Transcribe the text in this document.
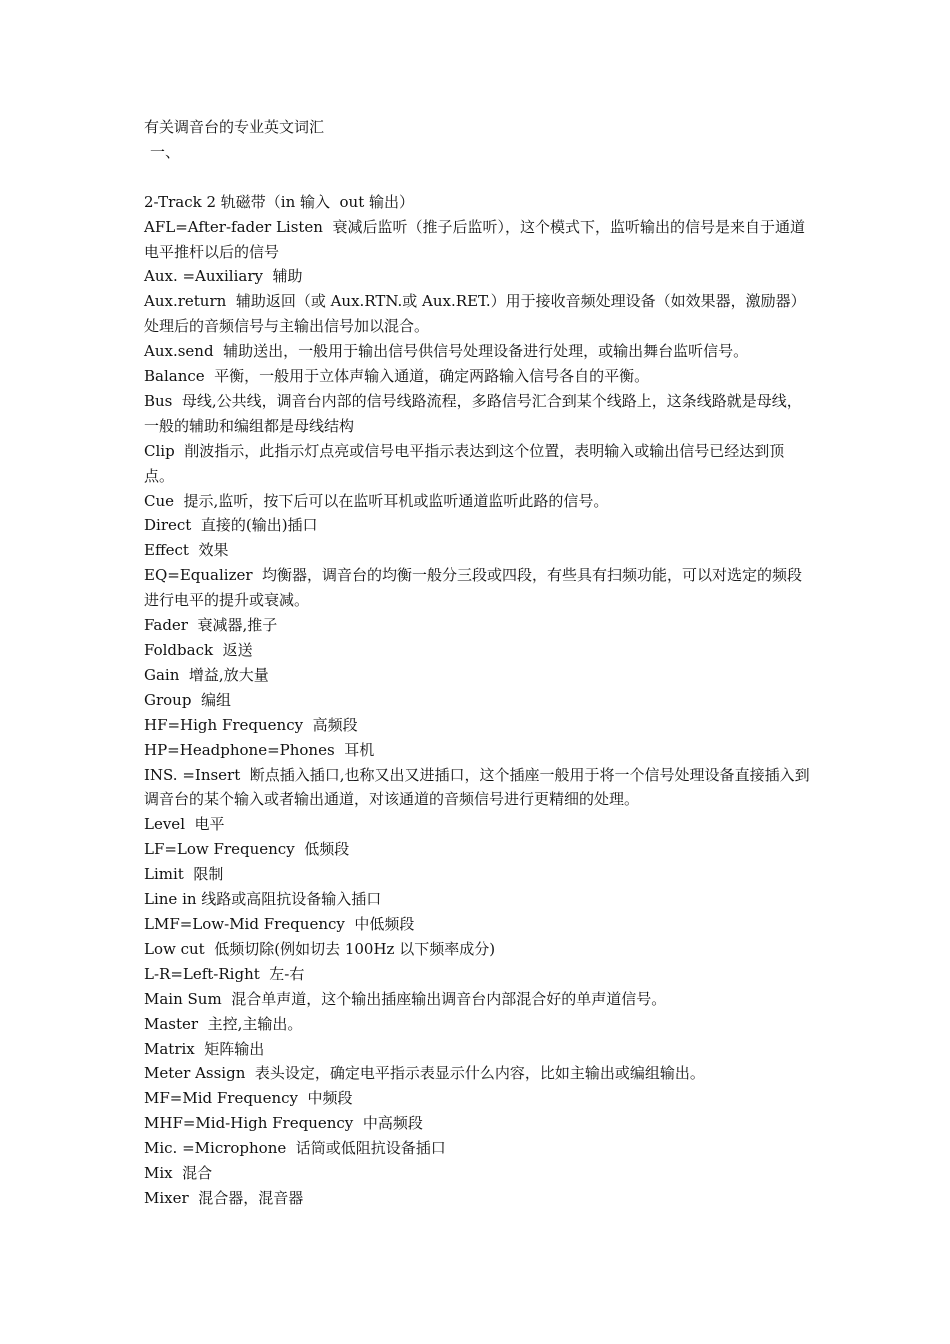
有关调音台的专业英文词汇
一、
2-Track 2 轨磁带（in 输入  out 输出）
AFL=After-fader Listen  衰减后监听（推子后监听），这个模式下，监听输出的信号是来自于通道电平推杆以后的信号
Aux. =Auxiliary  辅助
Aux.return  辅助返回（或 Aux.RTN.或 Aux.RET.）用于接收音频处理设备（如效果器，激励器）处理后的音频信号与主输出信号加以混合。
Aux.send  辅助送出，一般用于输出信号供信号处理设备进行处理，或输出舞台监听信号。
Balance  平衡，一般用于立体声输入通道，确定两路输入信号各自的平衡。
Bus  母线,公共线，调音台内部的信号线路流程，多路信号汇合到某个线路上，这条线路就是母线，一般的辅助和编组都是母线结构
Clip  削波指示，此指示灯点亮或信号电平指示表达到这个位置，表明输入或输出信号已经达到顶点。
Cue  提示,监听，按下后可以在监听耳机或监听通道监听此路的信号。
Direct  直接的(输出)插口
Effect  效果
EQ=Equalizer  均衡器，调音台的均衡一般分三段或四段，有些具有扫频功能，可以对选定的频段进行电平的提升或衰减。
Fader  衰减器,推子
Foldback  返送
Gain  增益,放大量
Group  编组
HF=High Frequency  高频段
HP=Headphone=Phones  耳机
INS. =Insert  断点插入插口,也称又出又进插口，这个插座一般用于将一个信号处理设备直接插入到调音台的某个输入或者输出通道，对该通道的音频信号进行更精细的处理。
Level  电平
LF=Low Frequency  低频段
Limit  限制
Line in 线路或高阻抗设备输入插口
LMF=Low-Mid Frequency  中低频段
Low cut  低频切除(例如切去 100Hz 以下频率成分)
L-R=Left-Right  左-右
Main Sum  混合单声道，这个输出插座输出调音台内部混合好的单声道信号。
Master  主控,主输出。
Matrix  矩阵输出
Meter Assign  表头设定，确定电平指示表显示什么内容，比如主输出或编组输出。
MF=Mid Frequency  中频段
MHF=Mid-High Frequency  中高频段
Mic. =Microphone  话筒或低阻抗设备插口
Mix  混合
Mixer  混合器，混音器
